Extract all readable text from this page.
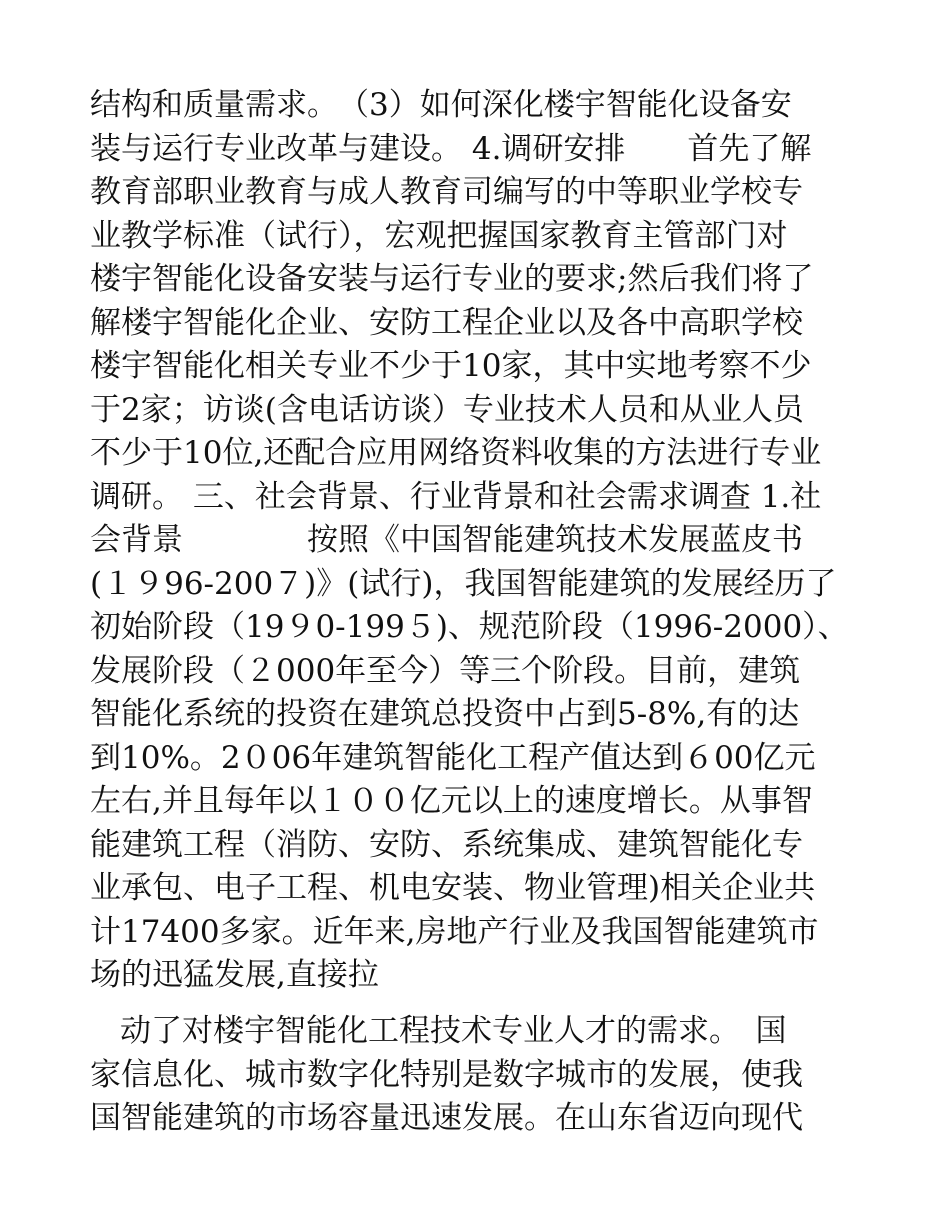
结构和质量需求。　（3）如何深化楼宇智能化设备安
装与运行专业改革与建设。 4.调研安排　　首先了解
教育部职业教育与成人教育司编写的中等职业学校专
业教学标准（试行），宏观把握国家教育主管部门对
楼宇智能化设备安装与运行专业的要求;然后我们将了
解楼宇智能化企业、安防工程企业以及各中高职学校
楼宇智能化相关专业不少于10家，其中实地考察不少
于2家；访谈(含电话访谈）专业技术人员和从业人员
不少于10位,还配合应用网络资料收集的方法进行专业
调研。 三、社会背景、行业背景和社会需求调查 1.社
会背景　　　　按照《中国智能建筑技术发展蓝皮书
(１９96-200７)》(试行)，我国智能建筑的发展经历了
初始阶段（19９0-199５)、规范阶段（1996-2000）、
发展阶段（２000年至今）等三个阶段。目前，建筑
智能化系统的投资在建筑总投资中占到5-8%,有的达
到10%。2０06年建筑智能化工程产值达到６00亿元
左右,并且每年以１００亿元以上的速度增长。从事智
能建筑工程（消防、安防、系统集成、建筑智能化专
业承包、电子工程、机电安装、物业管理)相关企业共
计17400多家。近年来,房地产行业及我国智能建筑市
场的迅猛发展,直接拉
动了对楼宇智能化工程技术专业人才的需求。　国
家信息化、城市数字化特别是数字城市的发展，使我
国智能建筑的市场容量迅速发展。在山东省迈向现代
